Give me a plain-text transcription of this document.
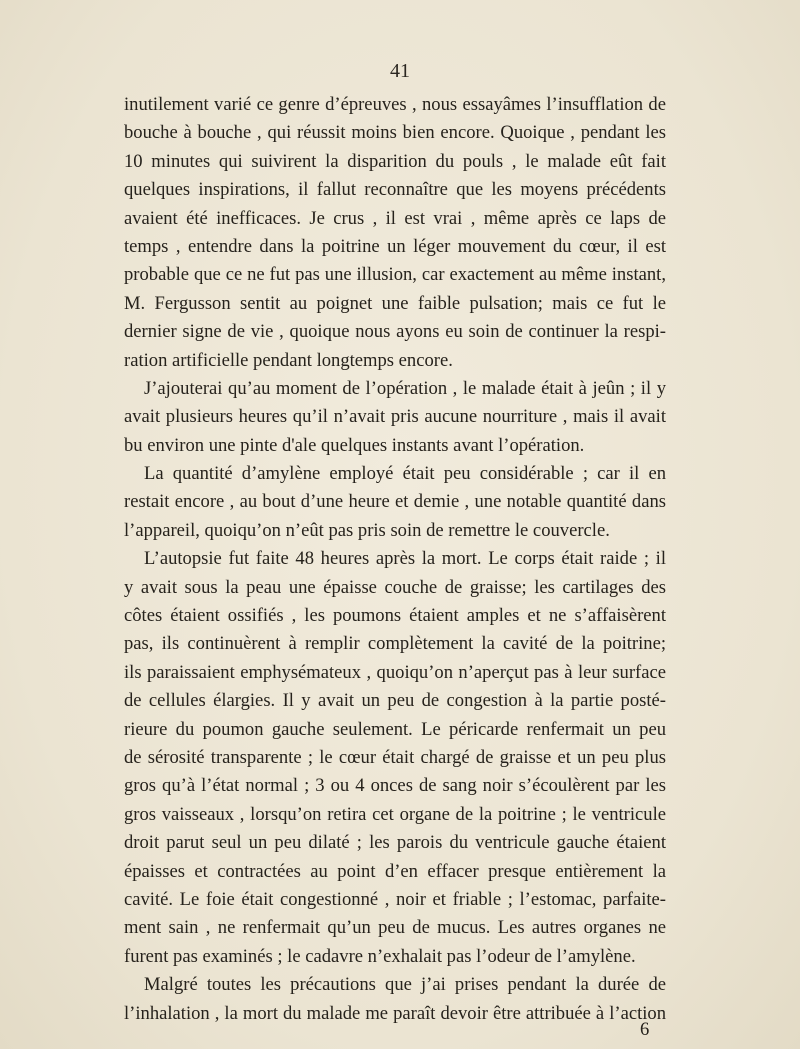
41
inutilement varié ce genre d’épreuves , nous essayâmes l’insufflation de
bouche à bouche , qui réussit moins bien encore. Quoique , pendant les
10 minutes qui suivirent la disparition du pouls , le malade eût fait
quelques inspirations, il fallut reconnaître que les moyens précédents
avaient été inefficaces. Je crus , il est vrai , même après ce laps de
temps , entendre dans la poitrine un léger mouvement du cœur, il est
probable que ce ne fut pas une illusion, car exactement au même instant,
M. Fergusson sentit au poignet une faible pulsation; mais ce fut le
dernier signe de vie , quoique nous ayons eu soin de continuer la respi-
ration artificielle pendant longtemps encore.
J’ajouterai qu’au moment de l’opération , le malade était à jeûn ; il y
avait plusieurs heures qu’il n’avait pris aucune nourriture , mais il avait
bu environ une pinte d'ale quelques instants avant l’opération.
La quantité d’amylène employé était peu considérable ; car il en
restait encore , au bout d’une heure et demie , une notable quantité dans
l’appareil, quoiqu’on n’eût pas pris soin de remettre le couvercle.
L’autopsie fut faite 48 heures après la mort. Le corps était raide ; il
y avait sous la peau une épaisse couche de graisse; les cartilages des
côtes étaient ossifiés , les poumons étaient amples et ne s’affaisèrent
pas, ils continuèrent à remplir complètement la cavité de la poitrine;
ils paraissaient emphysémateux , quoiqu’on n’aperçut pas à leur surface
de cellules élargies. Il y avait un peu de congestion à la partie posté-
rieure du poumon gauche seulement. Le péricarde renfermait un peu
de sérosité transparente ; le cœur était chargé de graisse et un peu plus
gros qu’à l’état normal ; 3 ou 4 onces de sang noir s’écoulèrent par les
gros vaisseaux , lorsqu’on retira cet organe de la poitrine ; le ventricule
droit parut seul un peu dilaté ; les parois du ventricule gauche étaient
épaisses et contractées au point d’en effacer presque entièrement la
cavité. Le foie était congestionné , noir et friable ; l’estomac, parfaite-
ment sain , ne renfermait qu’un peu de mucus. Les autres organes ne
furent pas examinés ; le cadavre n’exhalait pas l’odeur de l’amylène.
Malgré toutes les précautions que j’ai prises pendant la durée de
l’inhalation , la mort du malade me paraît devoir être attribuée à l’action
6
